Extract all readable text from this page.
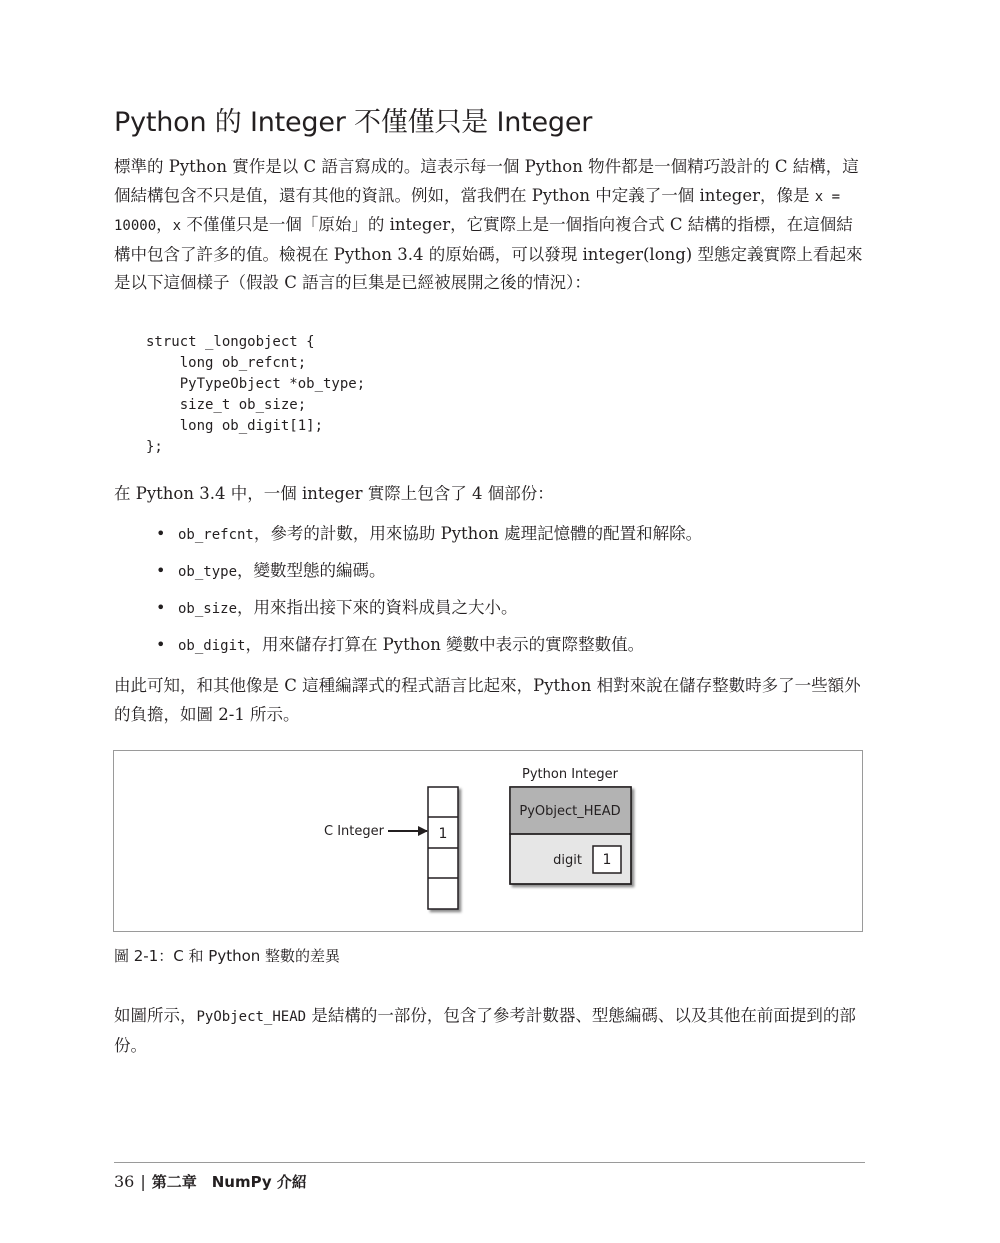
Python 的 Integer 不僅僅只是 Integer

標準的 Python 實作是以 C 語言寫成的。這表示每一個 Python 物件都是一個精巧設計的 C 結構，這個結構包含不只是值，還有其他的資訊。例如，當我們在 Python 中定義了一個 integer，像是 x = 10000，x 不僅僅只是一個「原始」的 integer，它實際上是一個指向複合式 C 結構的指標，在這個結構中包含了許多的值。檢視在 Python 3.4 的原始碼，可以發現 integer(long) 型態定義實際上看起來是以下這個樣子（假設 C 語言的巨集是已經被展開之後的情況）：

struct _longobject {
long ob_refcnt;
PyTypeObject *ob_type;
size_t ob_size;
long ob_digit[1];
};

在 Python 3.4 中，一個 integer 實際上包含了 4 個部份：

• ob_refcnt，參考的計數，用來協助 Python 處理記憶體的配置和解除。
• ob_type，變數型態的編碼。
• ob_size，用來指出接下來的資料成員之大小。
• ob_digit，用來儲存打算在 Python 變數中表示的實際整數值。

由此可知，和其他像是 C 這種編譯式的程式語言比起來，Python 相對來說在儲存整數時多了一些額外的負擔，如圖 2-1 所示。

1
C Integer
Python Integer
PyObject_HEAD
digit 1

圖 2-1：C 和 Python 整數的差異

如圖所示，PyObject_HEAD 是結構的一部份，包含了參考計數器、型態編碼、以及其他在前面提到的部份。

36 | 第二章　NumPy 介紹
